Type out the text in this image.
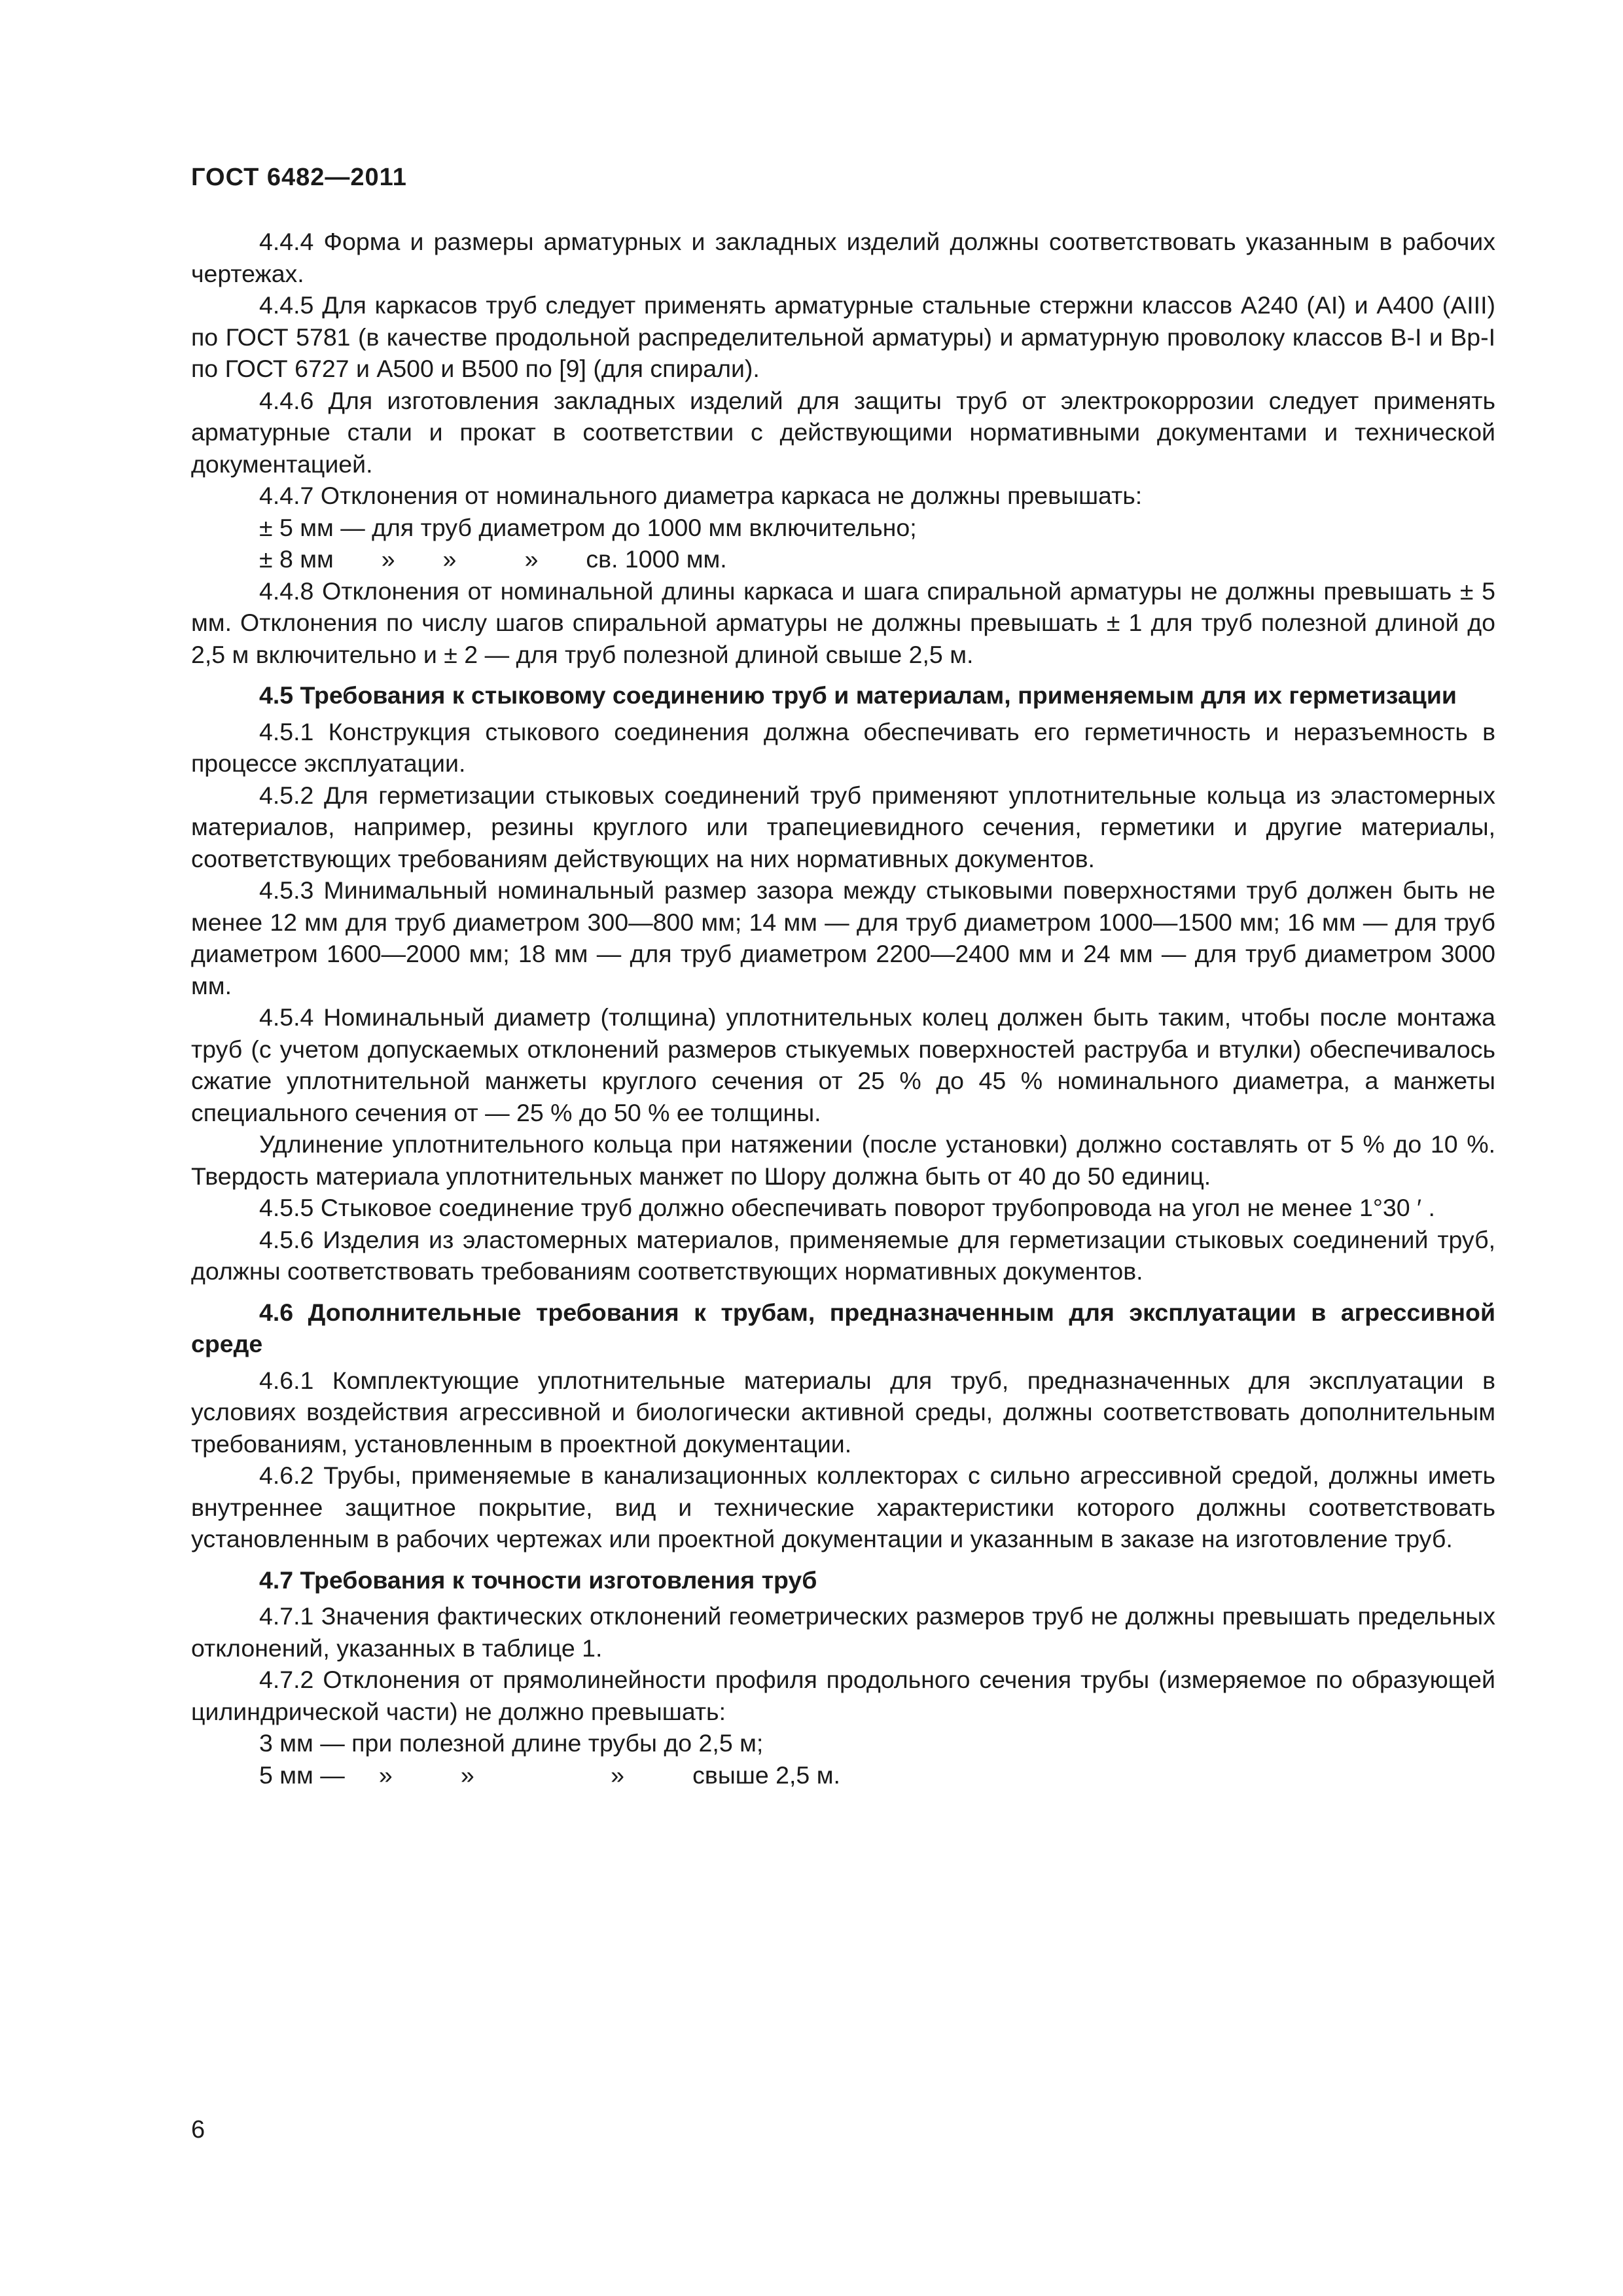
ГОСТ 6482—2011

4.4.4 Форма и размеры арматурных и закладных изделий должны соответствовать указанным в рабочих чертежах.

4.4.5 Для каркасов труб следует применять арматурные стальные стержни классов А240 (АI) и А400 (АIII) по ГОСТ 5781 (в качестве продольной распределительной арматуры) и арматурную проволоку классов В-I и Вр-I по ГОСТ 6727 и А500 и В500 по [9] (для спирали).

4.4.6 Для изготовления закладных изделий для защиты труб от электрокоррозии следует применять арматурные стали и прокат в соответствии с действующими нормативными документами и технической документацией.

4.4.7 Отклонения от номинального диаметра каркаса не должны превышать:

± 5 мм — для труб диаметром до 1000 мм включительно;

± 8 мм       »       »          »       св. 1000 мм.

4.4.8 Отклонения от номинальной длины каркаса и шага спиральной арматуры не должны превышать ± 5 мм. Отклонения по числу шагов спиральной арматуры не должны превышать ± 1 для труб полезной длиной до 2,5 м включительно и ± 2 — для труб полезной длиной свыше 2,5 м.

4.5 Требования к стыковому соединению труб и материалам, применяемым для их герметизации

4.5.1 Конструкция стыкового соединения должна обеспечивать его герметичность и неразъемность в процессе эксплуатации.

4.5.2 Для герметизации стыковых соединений труб применяют уплотнительные кольца из эластомерных материалов, например, резины круглого или трапециевидного сечения, герметики и другие материалы, соответствующих требованиям действующих на них нормативных документов.

4.5.3 Минимальный номинальный размер зазора между стыковыми поверхностями труб должен быть не менее 12 мм для труб диаметром 300—800 мм; 14 мм — для труб диаметром 1000—1500 мм; 16 мм — для труб диаметром 1600—2000 мм; 18 мм — для труб диаметром 2200—2400 мм и 24 мм — для труб диаметром 3000 мм.

4.5.4 Номинальный диаметр (толщина) уплотнительных колец должен быть таким, чтобы после монтажа труб (с учетом допускаемых отклонений размеров стыкуемых поверхностей раструба и втулки) обеспечивалось сжатие уплотнительной манжеты круглого сечения от 25 % до 45 % номинального диаметра, а манжеты специального сечения от — 25 % до 50 % ее толщины.

Удлинение уплотнительного кольца при натяжении (после установки) должно составлять от 5 % до 10 %. Твердость материала уплотнительных манжет по Шору должна быть от 40 до 50 единиц.

4.5.5 Стыковое соединение труб должно обеспечивать поворот трубопровода на угол не менее 1°30 ′ .

4.5.6 Изделия из эластомерных материалов, применяемые для герметизации стыковых соединений труб, должны соответствовать требованиям соответствующих нормативных документов.

4.6 Дополнительные требования к трубам, предназначенным для эксплуатации в агрессивной среде

4.6.1 Комплектующие уплотнительные материалы для труб, предназначенных для эксплуатации в условиях воздействия агрессивной и биологически активной среды, должны соответствовать дополнительным требованиям, установленным в проектной документации.

4.6.2 Трубы, применяемые в канализационных коллекторах с сильно агрессивной средой, должны иметь внутреннее защитное покрытие, вид и технические характеристики которого должны соответствовать установленным в рабочих чертежах или проектной документации и указанным в заказе на изготовление труб.

4.7 Требования к точности изготовления труб

4.7.1 Значения фактических отклонений геометрических размеров труб не должны превышать предельных отклонений, указанных в таблице 1.

4.7.2 Отклонения от прямолинейности профиля продольного сечения трубы (измеряемое по образующей цилиндрической части) не должно превышать:

3 мм — при полезной длине трубы до 2,5 м;

5 мм —     »          »                    »          свыше 2,5 м.

6
